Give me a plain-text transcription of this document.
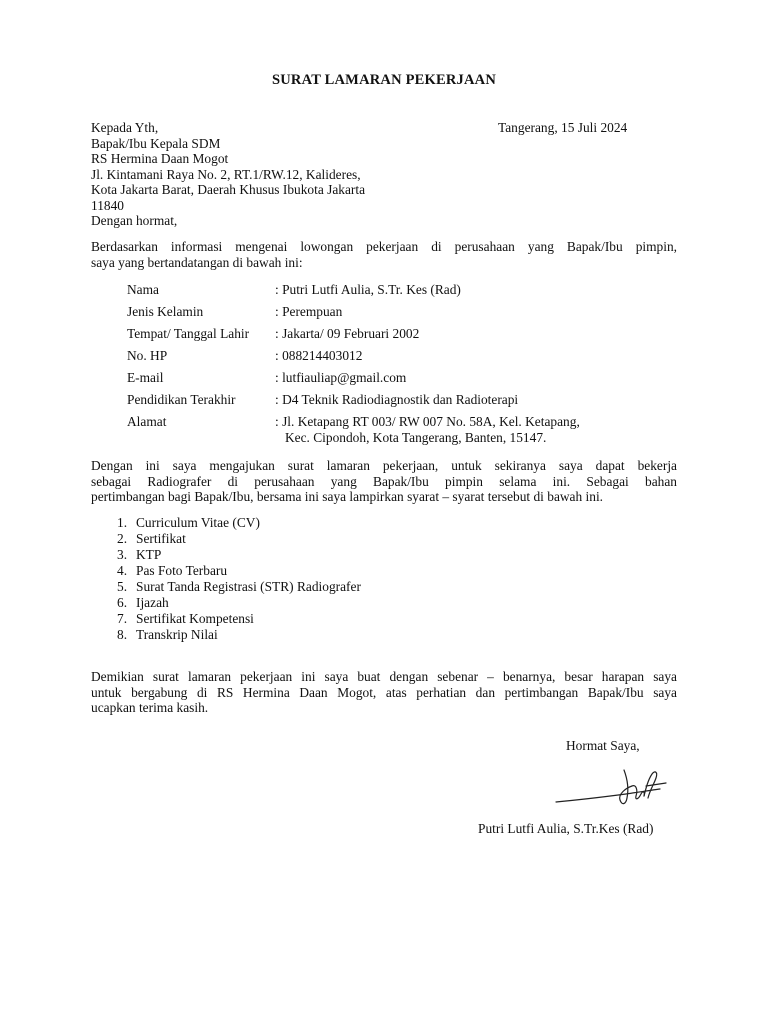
SURAT LAMARAN PEKERJAAN
Tangerang, 15 Juli 2024
Kepada Yth,
Bapak/Ibu Kepala SDM
RS Hermina Daan Mogot
Jl. Kintamani Raya No. 2, RT.1/RW.12, Kalideres,
Kota Jakarta Barat, Daerah Khusus Ibukota Jakarta
11840
Dengan hormat,
Berdasarkan informasi mengenai lowongan pekerjaan di perusahaan yang Bapak/Ibu pimpin,
saya yang bertandatangan di bawah ini:
Nama	: Putri Lutfi Aulia, S.Tr. Kes (Rad)
Jenis Kelamin	: Perempuan
Tempat/ Tanggal Lahir	: Jakarta/ 09 Februari 2002
No. HP	: 088214403012
E-mail	: lutfiauliap@gmail.com
Pendidikan Terakhir	: D4 Teknik Radiodiagnostik dan Radioterapi
Alamat	: Jl. Ketapang RT 003/ RW 007 No. 58A, Kel. Ketapang,
Kec. Cipondoh, Kota Tangerang, Banten, 15147.
Dengan ini saya mengajukan surat lamaran pekerjaan, untuk sekiranya saya dapat bekerja
sebagai Radiografer di perusahaan yang Bapak/Ibu pimpin selama ini. Sebagai bahan
pertimbangan bagi Bapak/Ibu, bersama ini saya lampirkan syarat – syarat tersebut di bawah ini.
1. Curriculum Vitae (CV)
2. Sertifikat
3. KTP
4. Pas Foto Terbaru
5. Surat Tanda Registrasi (STR) Radiografer
6. Ijazah
7. Sertifikat Kompetensi
8. Transkrip Nilai
Demikian surat lamaran pekerjaan ini saya buat dengan sebenar – benarnya, besar harapan saya
untuk bergabung di RS Hermina Daan Mogot, atas perhatian dan pertimbangan Bapak/Ibu saya
ucapkan terima kasih.
Hormat Saya,
Putri Lutfi Aulia, S.Tr.Kes (Rad)
